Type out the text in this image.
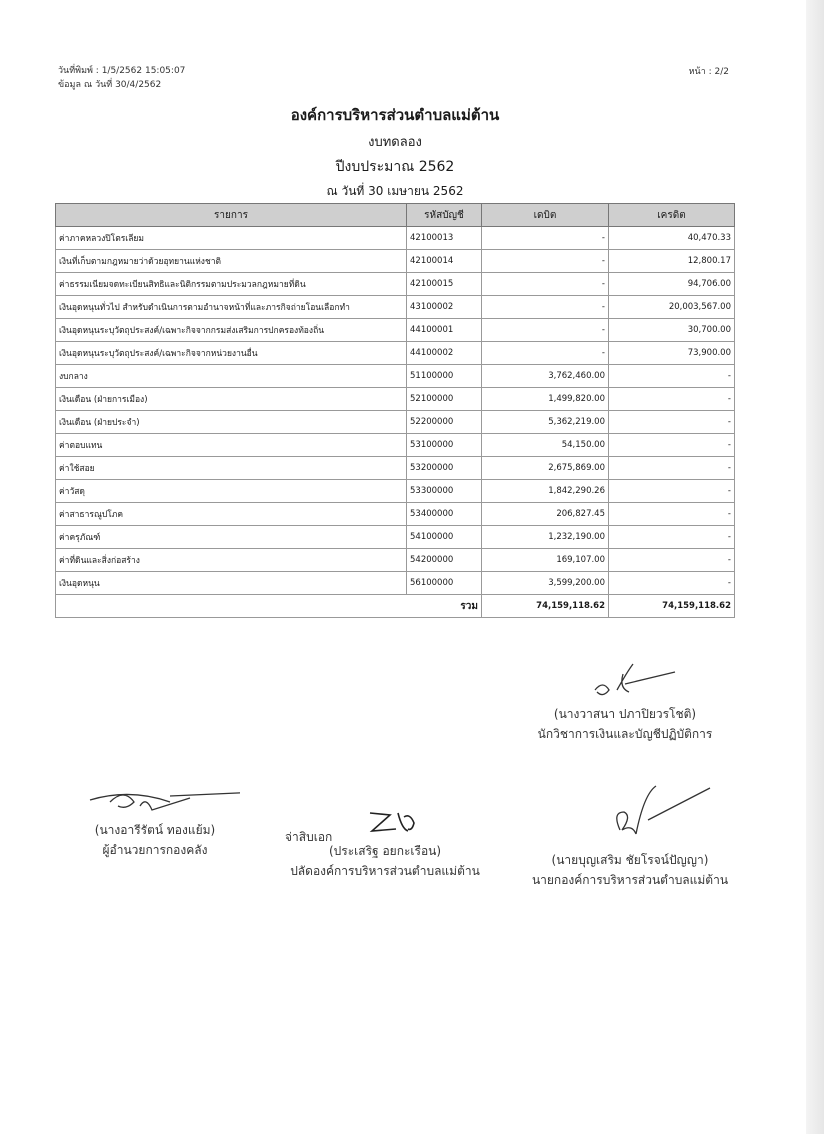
วันที่พิมพ์ : 1/5/2562 15:05:07
ข้อมูล ณ วันที่ 30/4/2562
หน้า : 2/2
องค์การบริหารส่วนตำบลแม่ต้าน
งบทดลอง
ปีงบประมาณ 2562
ณ วันที่ 30 เมษายน 2562
รายการ	รหัสบัญชี	เดบิต	เครดิต
ค่าภาคหลวงปิโตรเลียม	42100013	-	40,470.33
เงินที่เก็บตามกฎหมายว่าด้วยอุทยานแห่งชาติ	42100014	-	12,800.17
ค่าธรรมเนียมจดทะเบียนสิทธิและนิติกรรมตามประมวลกฎหมายที่ดิน	42100015	-	94,706.00
เงินอุดหนุนทั่วไป สำหรับดำเนินการตามอำนาจหน้าที่และภารกิจถ่ายโอนเลือกทำ	43100002	-	20,003,567.00
เงินอุดหนุนระบุวัตถุประสงค์/เฉพาะกิจจากกรมส่งเสริมการปกครองท้องถิ่น	44100001	-	30,700.00
เงินอุดหนุนระบุวัตถุประสงค์/เฉพาะกิจจากหน่วยงานอื่น	44100002	-	73,900.00
งบกลาง	51100000	3,762,460.00	-
เงินเดือน (ฝ่ายการเมือง)	52100000	1,499,820.00	-
เงินเดือน (ฝ่ายประจำ)	52200000	5,362,219.00	-
ค่าตอบแทน	53100000	54,150.00	-
ค่าใช้สอย	53200000	2,675,869.00	-
ค่าวัสดุ	53300000	1,842,290.26	-
ค่าสาธารณูปโภค	53400000	206,827.45	-
ค่าครุภัณฑ์	54100000	1,232,190.00	-
ค่าที่ดินและสิ่งก่อสร้าง	54200000	169,107.00	-
เงินอุดหนุน	56100000	3,599,200.00	-
รวม		74,159,118.62	74,159,118.62
(นางวาสนา ปภาปิยวรโชติ)
นักวิชาการเงินและบัญชีปฏิบัติการ
(นางอารีรัตน์ ทองแย้ม)
ผู้อำนวยการกองคลัง
จ่าสิบเอก
(ประเสริฐ อยกะเรือน)
ปลัดองค์การบริหารส่วนตำบลแม่ต้าน
(นายบุญเสริม ชัยโรจน์ปัญญา)
นายกองค์การบริหารส่วนตำบลแม่ต้าน
